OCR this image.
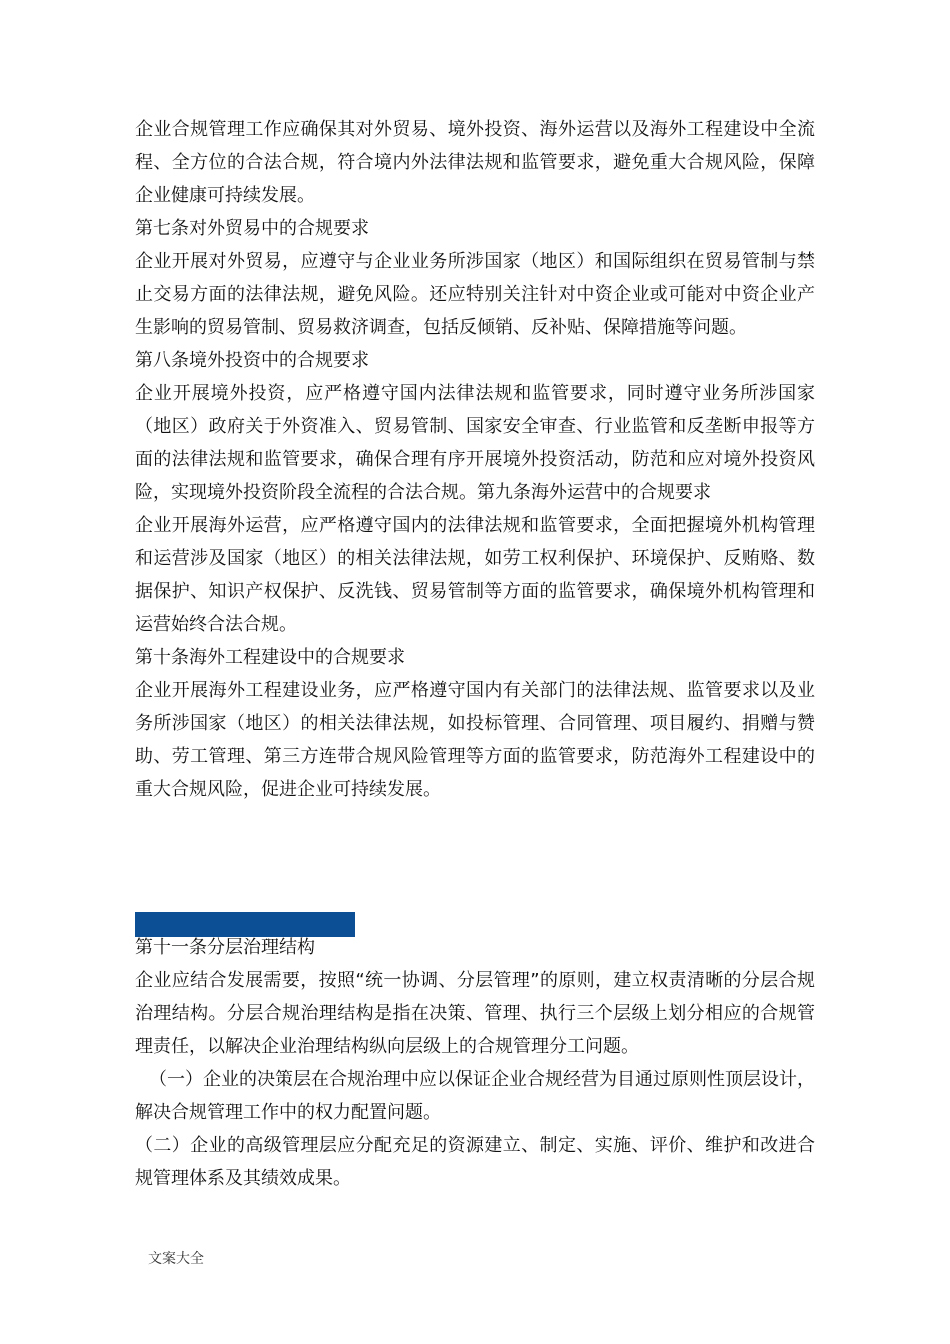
企业合规管理工作应确保其对外贸易、境外投资、海外运营以及海外工程建设中全流程、全方位的合法合规，符合境内外法律法规和监管要求，避免重大合规风险，保障企业健康可持续发展。

第七条对外贸易中的合规要求

企业开展对外贸易，应遵守与企业业务所涉国家（地区）和国际组织在贸易管制与禁止交易方面的法律法规，避免风险。还应特别关注针对中资企业或可能对中资企业产生影响的贸易管制、贸易救济调查，包括反倾销、反补贴、保障措施等问题。

第八条境外投资中的合规要求

企业开展境外投资，应严格遵守国内法律法规和监管要求，同时遵守业务所涉国家（地区）政府关于外资准入、贸易管制、国家安全审查、行业监管和反垄断申报等方面的法律法规和监管要求，确保合理有序开展境外投资活动，防范和应对境外投资风险，实现境外投资阶段全流程的合法合规。第九条海外运营中的合规要求

企业开展海外运营，应严格遵守国内的法律法规和监管要求，全面把握境外机构管理和运营涉及国家（地区）的相关法律法规，如劳工权利保护、环境保护、反贿赂、数据保护、知识产权保护、反洗钱、贸易管制等方面的监管要求，确保境外机构管理和运营始终合法合规。

第十条海外工程建设中的合规要求

企业开展海外工程建设业务，应严格遵守国内有关部门的法律法规、监管要求以及业务所涉国家（地区）的相关法律法规，如投标管理、合同管理、项目履约、捐赠与赞助、劳工管理、第三方连带合规风险管理等方面的监管要求，防范海外工程建设中的重大合规风险，促进企业可持续发展。

第十一条分层治理结构

企业应结合发展需要，按照“统一协调、分层管理”的原则，建立权责清晰的分层合规治理结构。分层合规治理结构是指在决策、管理、执行三个层级上划分相应的合规管理责任，以解决企业治理结构纵向层级上的合规管理分工问题。

（一）企业的决策层在合规治理中应以保证企业合规经营为目通过原则性顶层设计，解决合规管理工作中的权力配置问题。

（二）企业的高级管理层应分配充足的资源建立、制定、实施、评价、维护和改进合规管理体系及其绩效成果。

文案大全
